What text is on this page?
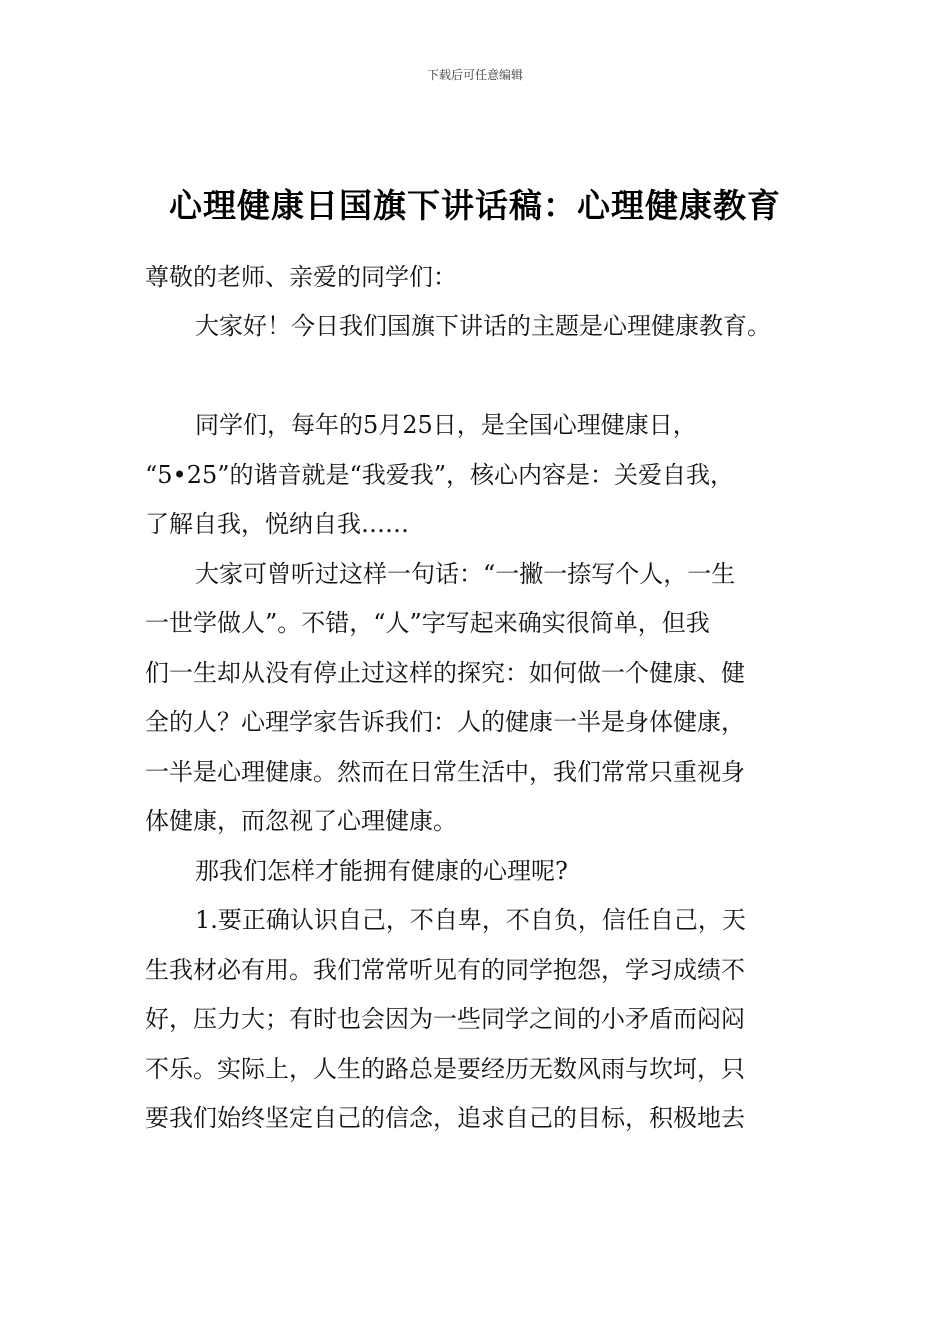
下载后可任意编辑
心理健康日国旗下讲话稿：心理健康教育
尊敬的老师、亲爱的同学们：
大家好！今日我们国旗下讲话的主题是心理健康教育。
同学们，每年的5月25日，是全国心理健康日，
“5•25”的谐音就是“我爱我”，核心内容是：关爱自我，
了解自我，悦纳自我……
大家可曾听过这样一句话：“一撇一捺写个人，一生
一世学做人”。不错，“人”字写起来确实很简单，但我
们一生却从没有停止过这样的探究：如何做一个健康、健
全的人？心理学家告诉我们：人的健康一半是身体健康，
一半是心理健康。然而在日常生活中，我们常常只重视身
体健康，而忽视了心理健康。
那我们怎样才能拥有健康的心理呢?
1.要正确认识自己，不自卑，不自负，信任自己，天
生我材必有用。我们常常听见有的同学抱怨，学习成绩不
好，压力大；有时也会因为一些同学之间的小矛盾而闷闷
不乐。实际上，人生的路总是要经历无数风雨与坎坷，只
要我们始终坚定自己的信念，追求自己的目标，积极地去
